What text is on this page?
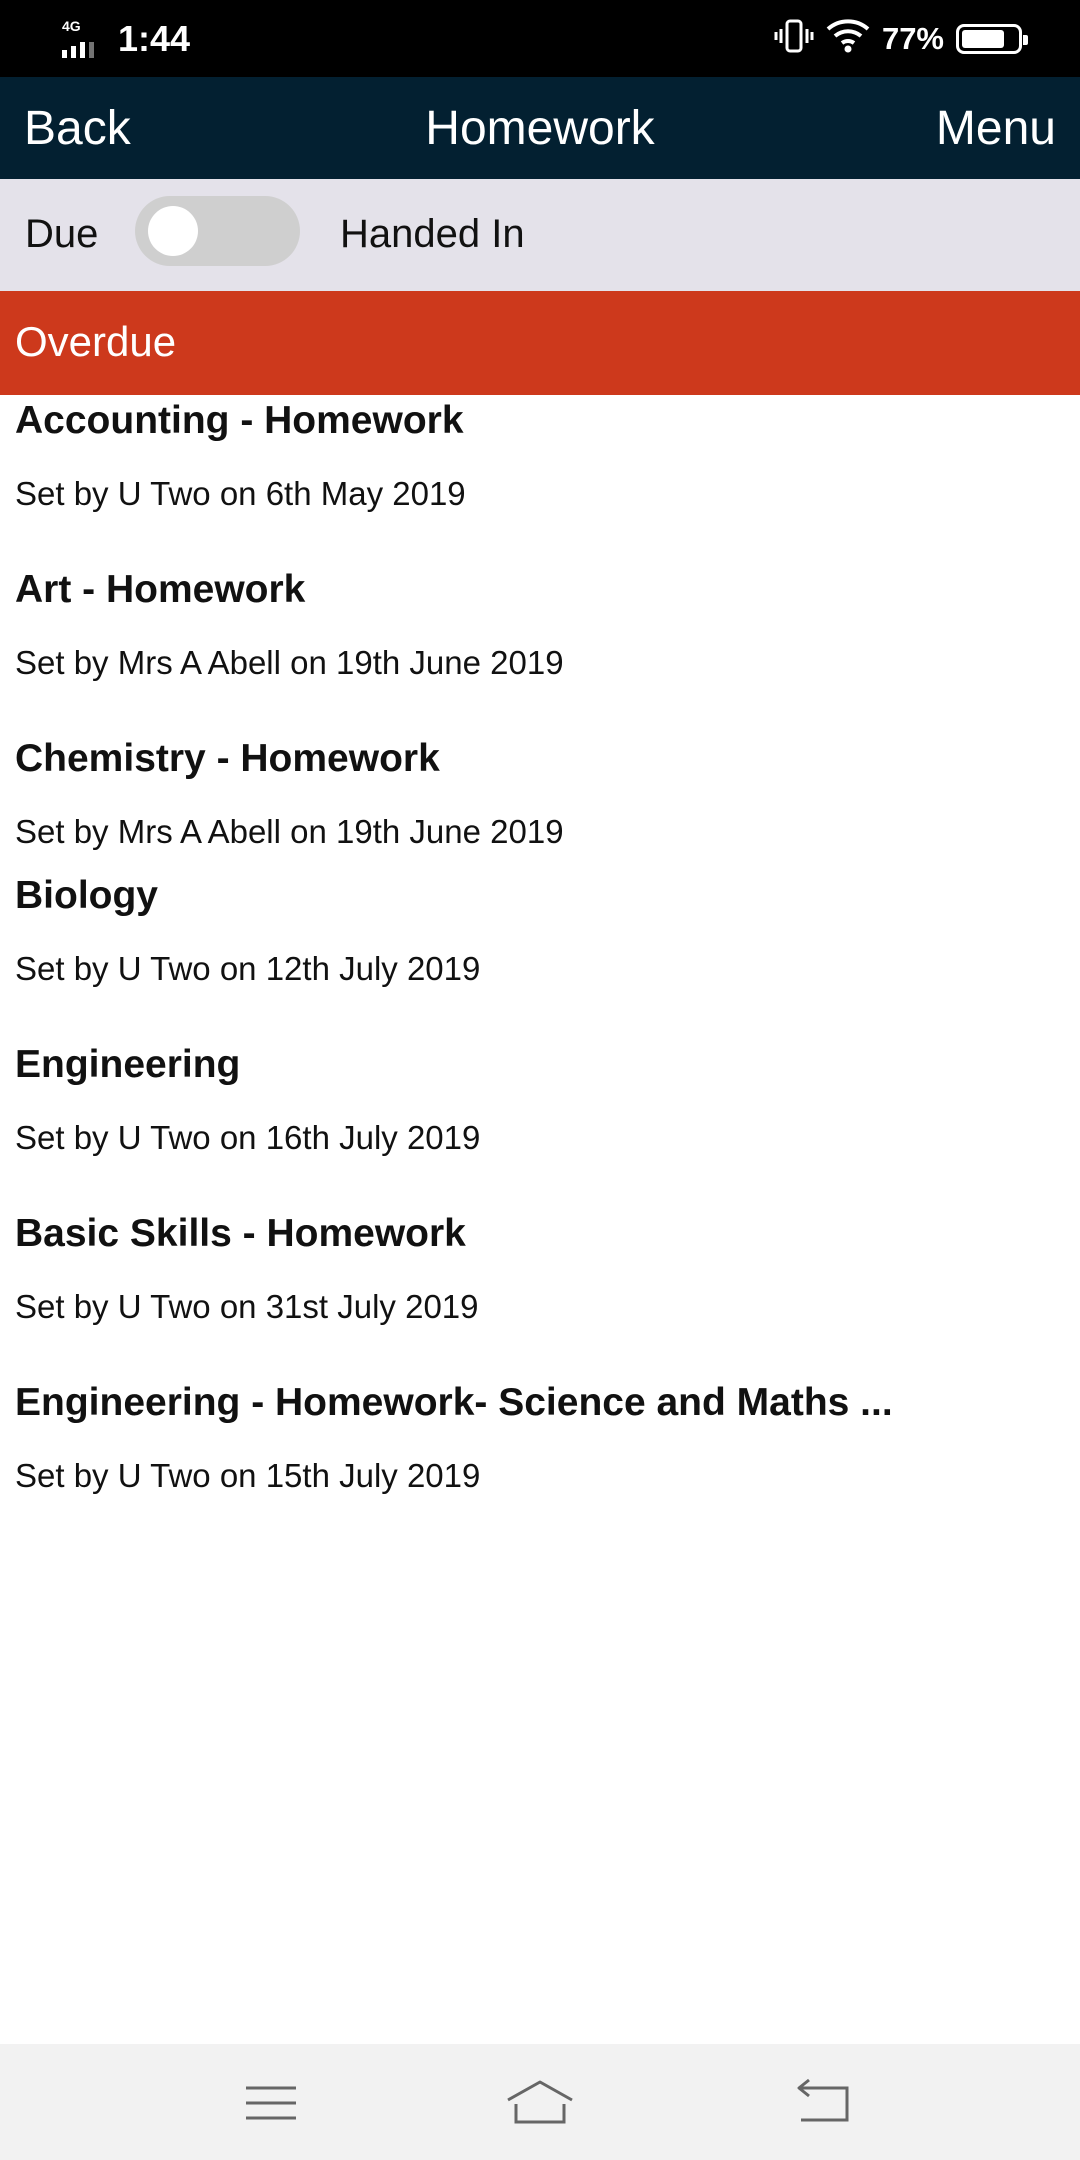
4G 1:44	77%
Back	Homework	Menu
Due	Handed In
Overdue
Accounting - Homework
Set by U Two on 6th May 2019
Art - Homework
Set by Mrs A Abell on 19th June 2019
Chemistry - Homework
Set by Mrs A Abell on 19th June 2019
Biology
Set by U Two on 12th July 2019
Engineering
Set by U Two on 16th July 2019
Basic Skills - Homework
Set by U Two on 31st July 2019
Engineering - Homework- Science and Maths ...
Set by U Two on 15th July 2019
